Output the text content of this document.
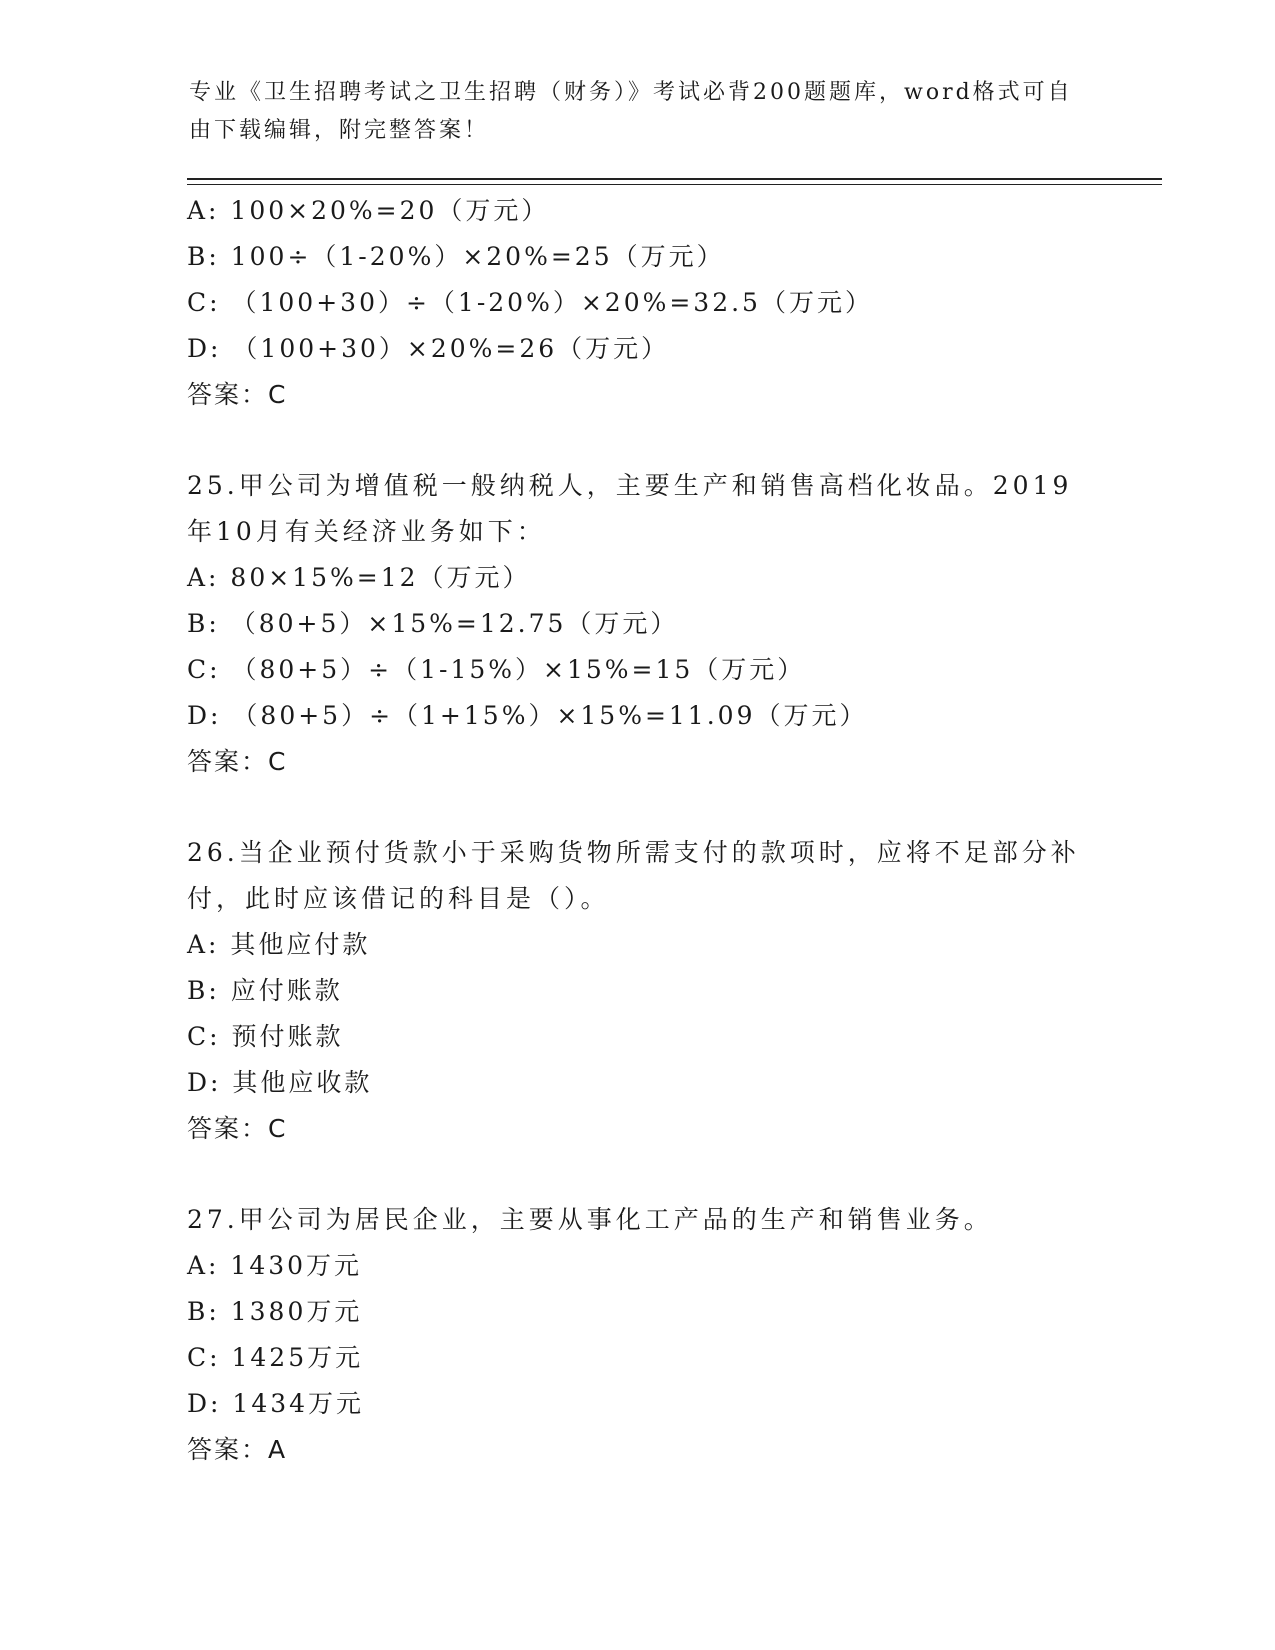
专业《卫生招聘考试之卫生招聘（财务）》考试必背200题题库，word格式可自
由下载编辑，附完整答案！
A: 100×20%=20（万元）
B: 100÷（1-20%）×20%=25（万元）
C: （100+30）÷（1-20%）×20%=32.5（万元）
D: （100+30）×20%=26（万元）
答案：C
25.甲公司为增值税一般纳税人，主要生产和销售高档化妆品。2019
年10月有关经济业务如下：
A: 80×15%=12（万元）
B: （80+5）×15%=12.75（万元）
C: （80+5）÷（1-15%）×15%=15（万元）
D: （80+5）÷（1+15%）×15%=11.09（万元）
答案：C
26.当企业预付货款小于采购货物所需支付的款项时，应将不足部分补
付，此时应该借记的科目是（）。
A: 其他应付款
B: 应付账款
C: 预付账款
D: 其他应收款
答案：C
27.甲公司为居民企业，主要从事化工产品的生产和销售业务。
A: 1430万元
B: 1380万元
C: 1425万元
D: 1434万元
答案：A
